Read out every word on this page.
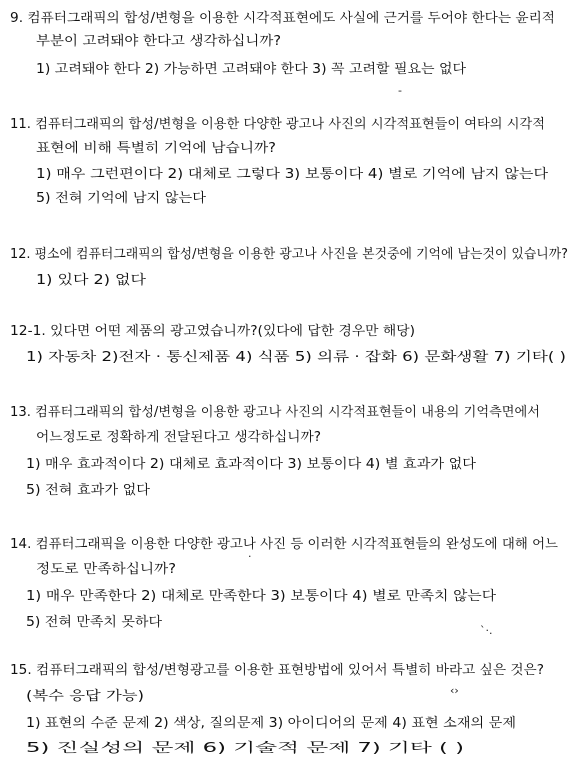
9. 컴퓨터그래픽의 합성/변형을 이용한 시각적표현에도 사실에 근거를 두어야 한다는 윤리적
부분이 고려돼야 한다고 생각하십니까?
1) 고려돼야 한다 2) 가능하면 고려돼야 한다 3) 꼭 고려할 필요는 없다
11. 컴퓨터그래픽의 합성/변형을 이용한 다양한 광고나 사진의 시각적표현들이 여타의 시각적
표현에 비해 특별히 기억에 남습니까?
1) 매우 그런편이다 2) 대체로 그렇다 3) 보통이다 4) 별로 기억에 남지 않는다
5) 전혀 기억에 남지 않는다
12. 평소에 컴퓨터그래픽의 합성/변형을 이용한 광고나 사진을 본것중에 기억에 남는것이 있습니까?
1) 있다 2) 없다
12-1. 있다면 어떤 제품의 광고였습니까?(있다에 답한 경우만 해당)
1) 자동차 2)전자 · 통신제품 4) 식품 5) 의류 · 잡화 6) 문화생활 7) 기타( )
13. 컴퓨터그래픽의 합성/변형을 이용한 광고나 사진의 시각적표현들이 내용의 기억측면에서
어느정도로 정확하게 전달된다고 생각하십니까?
1) 매우 효과적이다 2) 대체로 효과적이다 3) 보통이다 4) 별 효과가 없다
5) 전혀 효과가 없다
14. 컴퓨터그래픽을 이용한 다양한 광고나 사진 등 이러한 시각적표현들의 완성도에 대해 어느
정도로 만족하십니까?
1) 매우 만족한다 2) 대체로 만족한다 3) 보통이다 4) 별로 만족치 않는다
5) 전혀 만족치 못하다
15. 컴퓨터그래픽의 합성/변형광고를 이용한 표현방법에 있어서 특별히 바라고 싶은 것은?
(복수 응답 가능)
1) 표현의 수준 문제 2) 색상, 질의문제 3) 아이디어의 문제 4) 표현 소재의 문제
5) 진실성의 문제 6) 기술적 문제 7) 기타 ( )
-
·
`·.
‹›
